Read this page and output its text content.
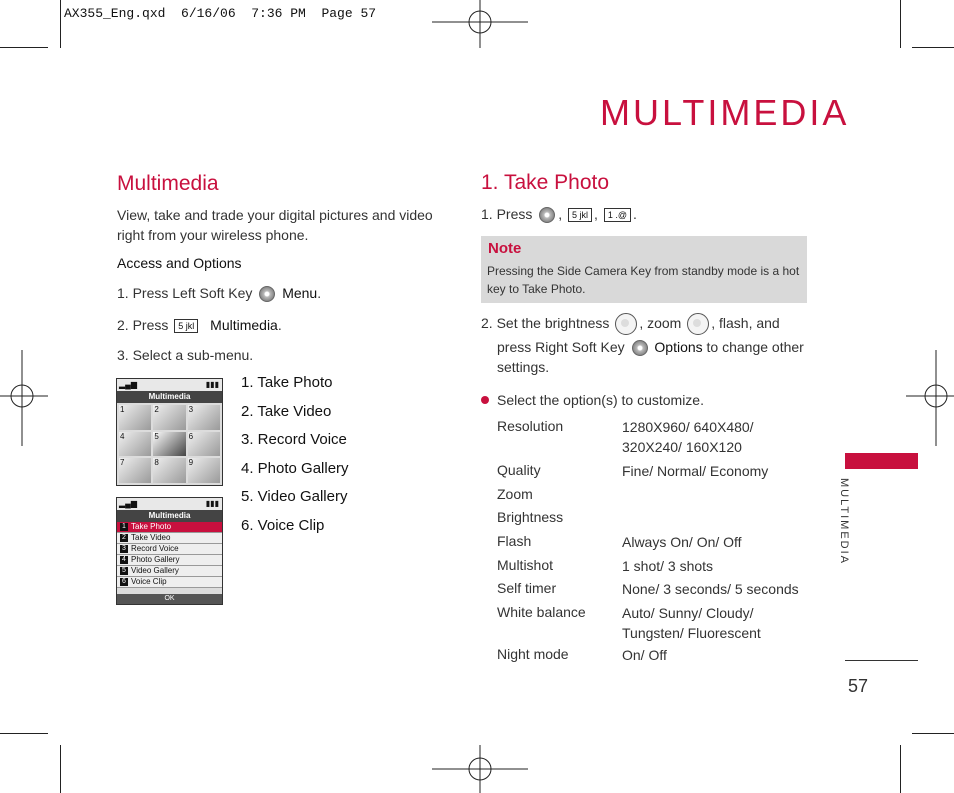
AX355_Eng.qxd  6/16/06  7:36 PM  Page 57
MULTIMEDIA
Multimedia
View, take and trade your digital pictures and video right from your wireless phone.
Access and Options
1. Press Left Soft Key Menu.
2. Press 5 jkl Multimedia.
3. Select a sub-menu.
▂▄▆	▮▮▮
Multimedia
1	2	3
4	5	6
7	8	9
▂▄▆	▮▮▮
Multimedia
1 Take Photo
2 Take Video
3 Record Voice
4 Photo Gallery
5 Video Gallery
6 Voice Clip
OK
1. Take Photo
2. Take Video
3. Record Voice
4. Photo Gallery
5. Video Gallery
6. Voice Clip
1. Take Photo
1. Press , 5 jkl , 1 .@ .
Note
Pressing the Side Camera Key from standby mode is a hot key to Take Photo.
2. Set the brightness , zoom , flash, and
press Right Soft Key Options to change other settings.
Select the option(s) to customize.
Resolution	1280X960/ 640X480/ 320X240/ 160X120
Quality	Fine/ Normal/ Economy
Zoom
Brightness
Flash	Always On/ On/ Off
Multishot	1 shot/ 3 shots
Self timer	None/ 3 seconds/ 5 seconds
White balance	Auto/ Sunny/ Cloudy/ Tungsten/ Fluorescent
Night mode	On/ Off
MULTIMEDIA
57
